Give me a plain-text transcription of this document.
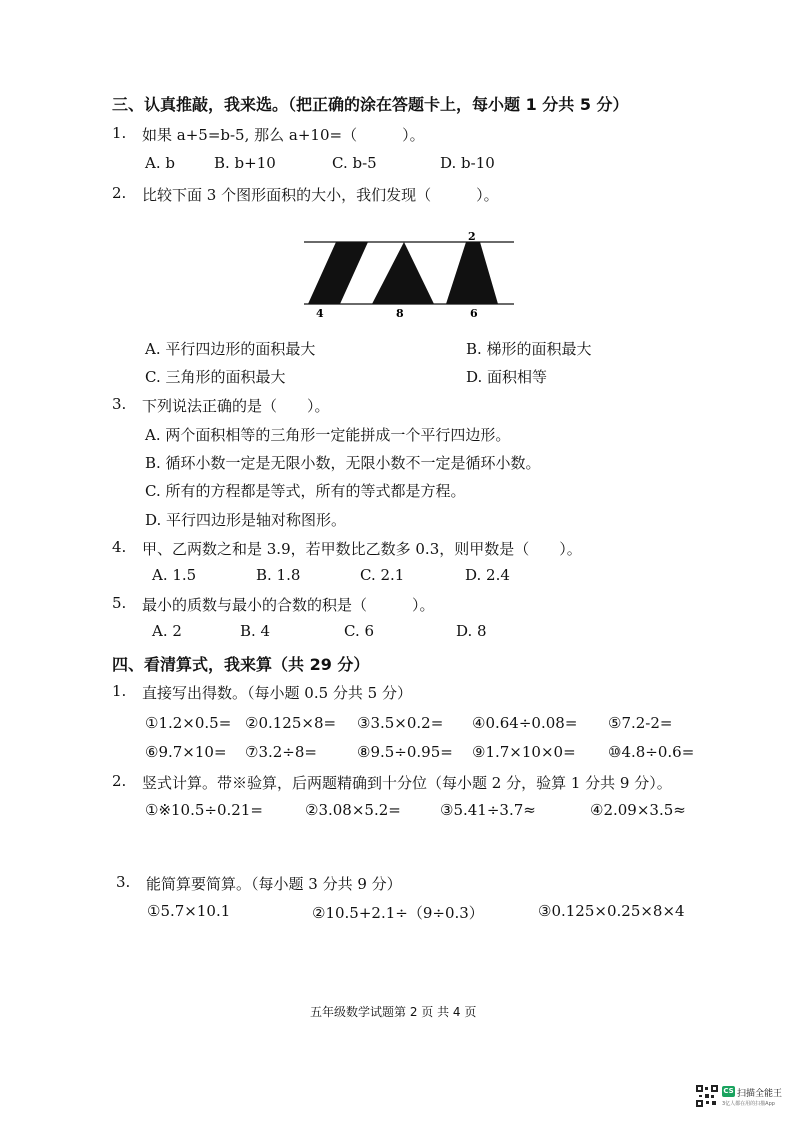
三、认真推敲，我来选。（把正确的涂在答题卡上，每小题 1 分共 5 分）
1. 如果 a+5=b-5, 那么 a+10=（　　　）。
A. b	B. b+10	C. b-5	D. b-10
2. 比较下面 3 个图形面积的大小，我们发现（　　　）。
2
4	8	6
A. 平行四边形的面积最大	B. 梯形的面积最大
C. 三角形的面积最大	D. 面积相等
3. 下列说法正确的是（　　）。
A. 两个面积相等的三角形一定能拼成一个平行四边形。
B. 循环小数一定是无限小数，无限小数不一定是循环小数。
C. 所有的方程都是等式，所有的等式都是方程。
D. 平行四边形是轴对称图形。
4. 甲、乙两数之和是 3.9，若甲数比乙数多 0.3，则甲数是（　　）。
A. 1.5	B. 1.8	C. 2.1	D. 2.4
5. 最小的质数与最小的合数的积是（　　　）。
A. 2	B. 4	C. 6	D. 8
四、看清算式，我来算（共 29 分）
1. 直接写出得数。（每小题 0.5 分共 5 分）
①1.2×0.5= ②0.125×8= ③3.5×0.2= ④0.64÷0.08= ⑤7.2-2=
⑥9.7×10= ⑦3.2÷8=	⑧9.5÷0.95= ⑨1.7×10×0= ⑩4.8÷0.6=
2. 竖式计算。带※验算，后两题精确到十分位（每小题 2 分，验算 1 分共 9 分）。
①※10.5÷0.21=	②3.08×5.2=	③5.41÷3.7≈	④2.09×3.5≈
3. 能简算要简算。（每小题 3 分共 9 分）
①5.7×10.1	②10.5+2.1÷（9÷0.3）	③0.125×0.25×8×4
五年级数学试题第 2 页 共 4 页
CS 扫描全能王
3亿人都在用的扫描App
